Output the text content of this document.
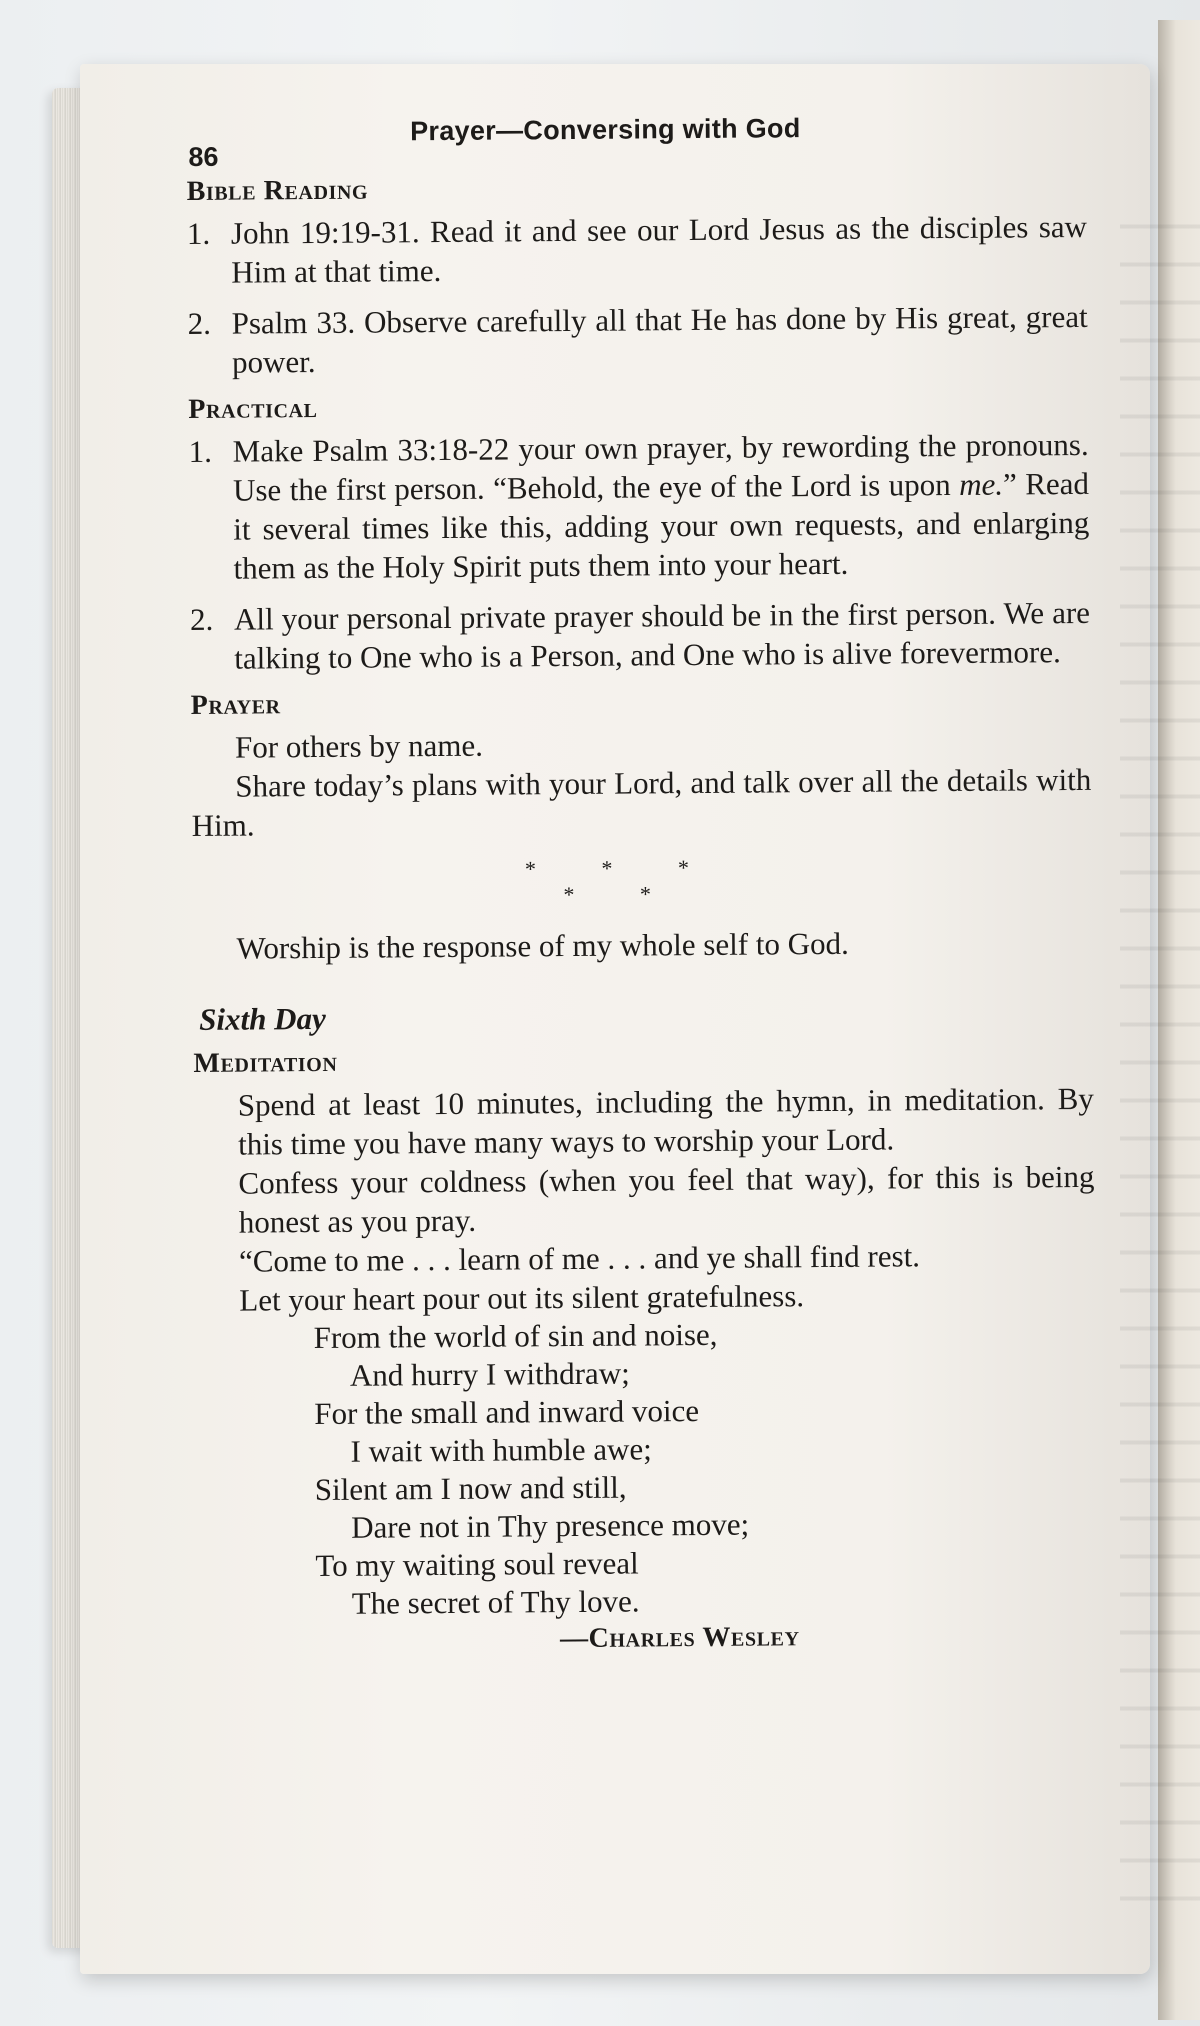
86
Prayer—Conversing with God
Bible Reading
1. John 19:19-31. Read it and see our Lord Jesus as the disciples saw Him at that time.
2. Psalm 33. Observe carefully all that He has done by His great, great power.
Practical
1. Make Psalm 33:18-22 your own prayer, by rewording the pronouns. Use the first person. “Behold, the eye of the Lord is upon me.” Read it several times like this, adding your own requests, and enlarging them as the Holy Spirit puts them into your heart.
2. All your personal private prayer should be in the first person. We are talking to One who is a Person, and One who is alive forevermore.
Prayer
For others by name.
Share today’s plans with your Lord, and talk over all the details with Him.
* * * * *
Worship is the response of my whole self to God.
Sixth Day
Meditation
Spend at least 10 minutes, including the hymn, in meditation. By this time you have many ways to worship your Lord.
Confess your coldness (when you feel that way), for this is being honest as you pray.
“Come to me . . . learn of me . . . and ye shall find rest.
Let your heart pour out its silent gratefulness.
From the world of sin and noise,
And hurry I withdraw;
For the small and inward voice
I wait with humble awe;
Silent am I now and still,
Dare not in Thy presence move;
To my waiting soul reveal
The secret of Thy love.
—Charles Wesley
